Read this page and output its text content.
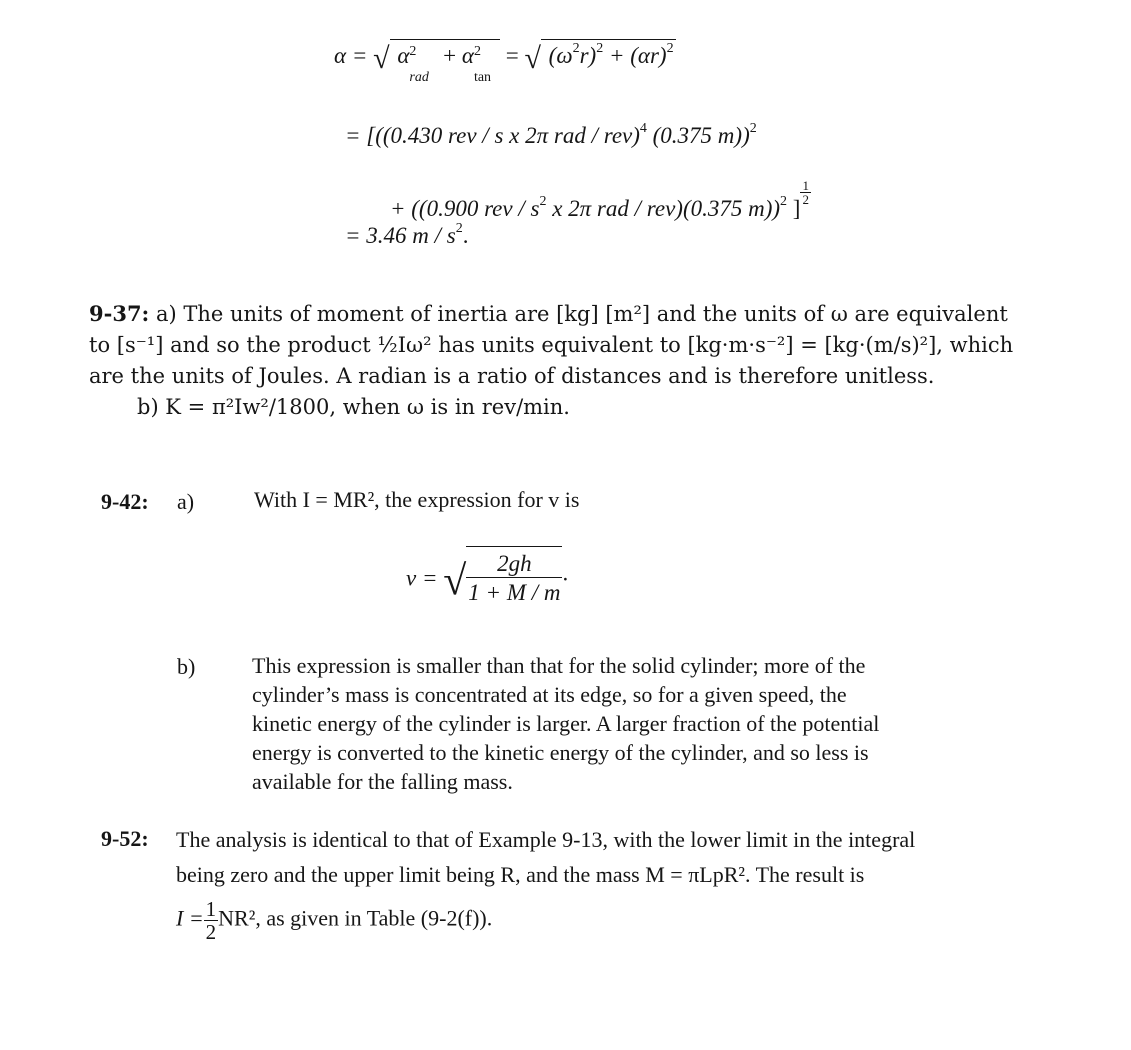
α = √ α 2
rad
+ α 2
tan
= √ $(\omega^2r)^2 + (\alpha r)^2$
= [((0.430 rev / s x 2π rad / rev)$^4$ (0.375 m))$^2$
+ ((0.900 rev / $s^2$ x 2π rad / rev)(0.375 m))$^2$ ]
$\frac{1}{2}$
= 3.46 m / $s^2$.
9-37: a) The units of moment of inertia are [kg] [m²] and the units of ω are equivalent
to [s⁻¹] and so the product ½Iω² has units equivalent to [kg·m·s⁻²] = [kg·(m/s)²], which
are the units of Joules. A radian is a ratio of distances and is therefore unitless.
b) K = π²Iw²/1800, when ω is in rev/min.
9-42: a)	With I = MR², the expression for v is
v = √ $\frac{2gh}{1 + M / m}$ .
b)	This expression is smaller than that for the solid cylinder; more of the
cylinder’s mass is concentrated at its edge, so for a given speed, the
kinetic energy of the cylinder is larger. A larger fraction of the potential
energy is converted to the kinetic energy of the cylinder, and so less is
available for the falling mass.
9-52: The analysis is identical to that of Example 9-13, with the lower limit in the integral
being zero and the upper limit being R, and the mass M = πLpR². The result is
$I = \frac{1}{2} NR^2$, as given in Table (9-2(f)).
